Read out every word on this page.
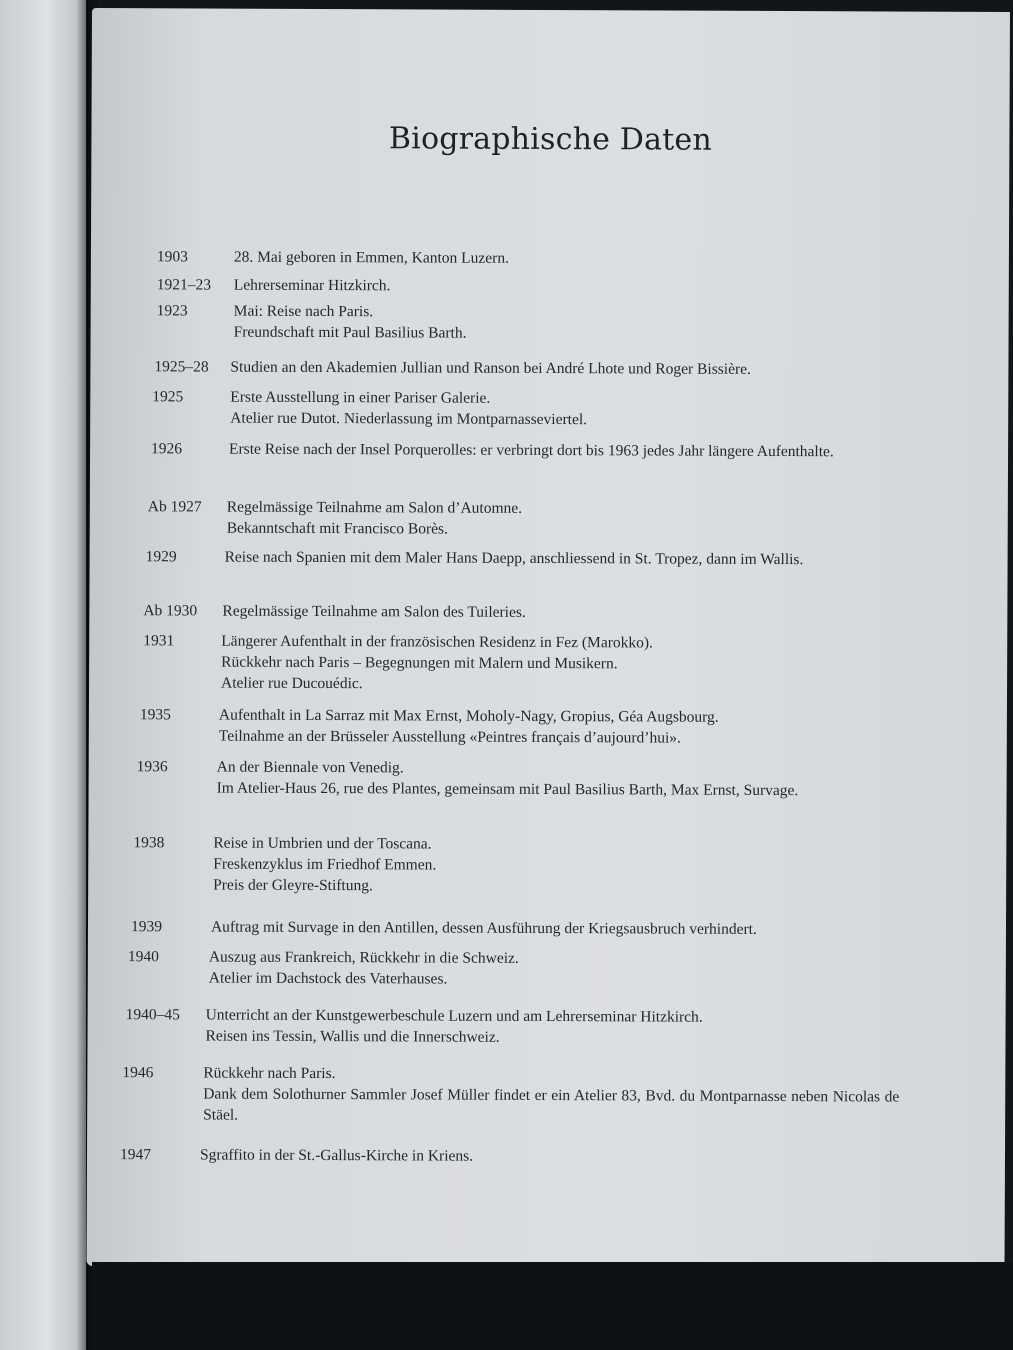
Biographische Daten
1903	28. Mai geboren in Emmen, Kanton Luzern.
1921–23 Lehrerseminar Hitzkirch.
1923	Mai: Reise nach Paris.
Freundschaft mit Paul Basilius Barth.
1925–28 Studien an den Akademien Jullian und Ranson bei André Lhote und Roger Bissière.
1925	Erste Ausstellung in einer Pariser Galerie.
Atelier rue Dutot. Niederlassung im Montparnasseviertel.
1926	Erste Reise nach der Insel Porquerolles: er verbringt dort bis 1963 jedes Jahr längere Aufenthalte.
Ab 1927 Regelmässige Teilnahme am Salon d’Automne.
Bekanntschaft mit Francisco Borès.
1929	Reise nach Spanien mit dem Maler Hans Daepp, anschliessend in St. Tropez, dann im Wallis.
Ab 1930 Regelmässige Teilnahme am Salon des Tuileries.
1931	Längerer Aufenthalt in der französischen Residenz in Fez (Marokko).
Rückkehr nach Paris – Begegnungen mit Malern und Musikern.
Atelier rue Ducouédic.
1935	Aufenthalt in La Sarraz mit Max Ernst, Moholy-Nagy, Gropius, Géa Augsbourg.
Teilnahme an der Brüsseler Ausstellung «Peintres français d’aujourd’hui».
1936	An der Biennale von Venedig.
Im Atelier-Haus 26, rue des Plantes, gemeinsam mit Paul Basilius Barth, Max Ernst, Survage.
1938	Reise in Umbrien und der Toscana.
Freskenzyklus im Friedhof Emmen.
Preis der Gleyre-Stiftung.
1939	Auftrag mit Survage in den Antillen, dessen Ausführung der Kriegsausbruch verhindert.
1940	Auszug aus Frankreich, Rückkehr in die Schweiz.
Atelier im Dachstock des Vaterhauses.
1940–45 Unterricht an der Kunstgewerbeschule Luzern und am Lehrerseminar Hitzkirch.
Reisen ins Tessin, Wallis und die Innerschweiz.
1946	Rückkehr nach Paris.
Dank dem Solothurner Sammler Josef Müller findet er ein Atelier 83, Bvd. du Montparnasse neben Nicolas de Stäel.
1947	Sgraffito in der St.-Gallus-Kirche in Kriens.
